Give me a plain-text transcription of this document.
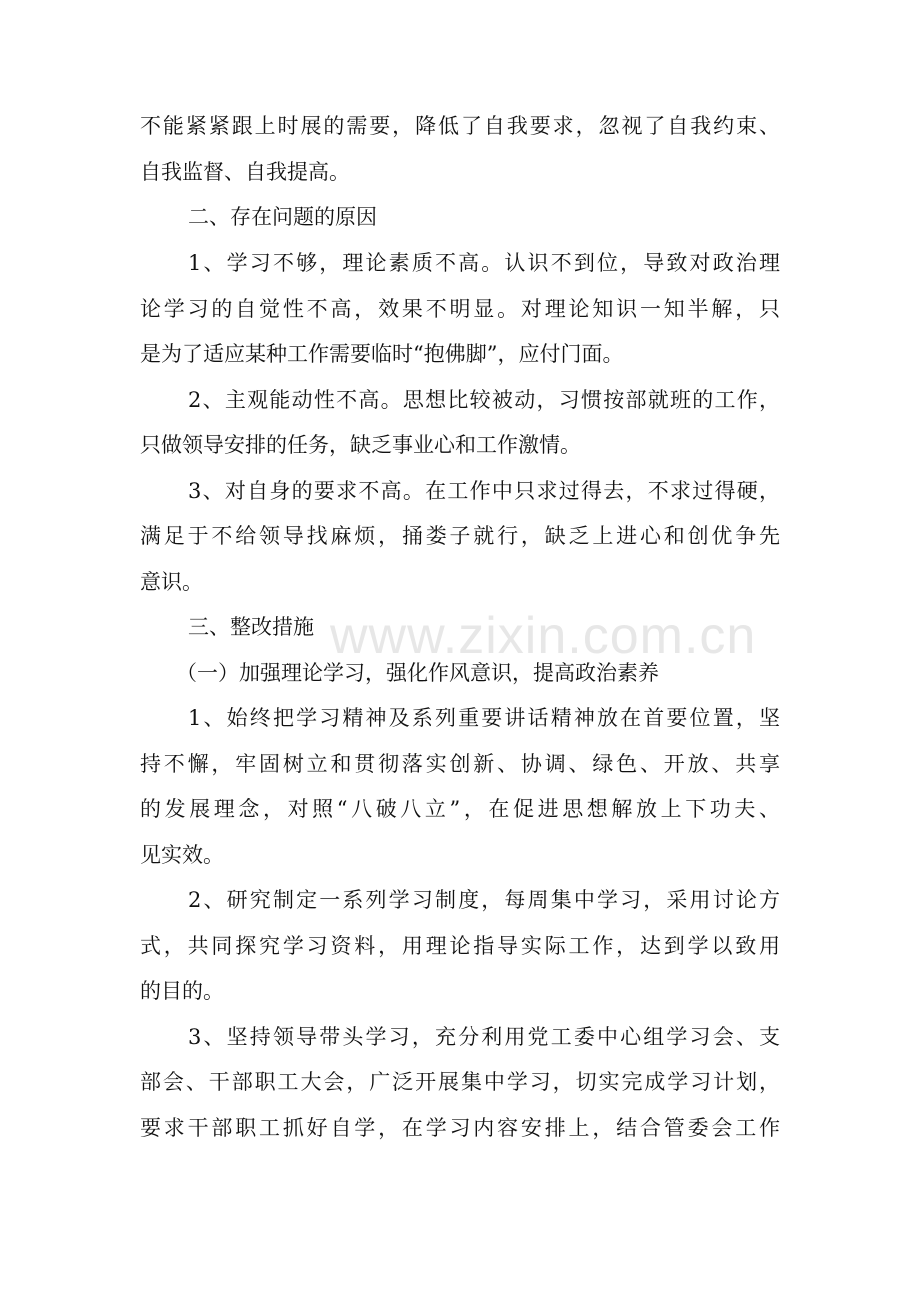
不能紧紧跟上时展的需要，降低了自我要求，忽视了自我约束、
自我监督、自我提高。
二、存在问题的原因
1、学习不够，理论素质不高。认识不到位，导致对政治理
论学习的自觉性不高，效果不明显。对理论知识一知半解，只
是为了适应某种工作需要临时“抱佛脚”，应付门面。
2、主观能动性不高。思想比较被动，习惯按部就班的工作，
只做领导安排的任务，缺乏事业心和工作激情。
3、对自身的要求不高。在工作中只求过得去，不求过得硬，
满足于不给领导找麻烦，捅娄子就行，缺乏上进心和创优争先
意识。
三、整改措施
（一）加强理论学习，强化作风意识，提高政治素养
1、始终把学习精神及系列重要讲话精神放在首要位置，坚
持不懈，牢固树立和贯彻落实创新、协调、绿色、开放、共享
的发展理念，对照“八破八立”，在促进思想解放上下功夫、
见实效。
2、研究制定一系列学习制度，每周集中学习，采用讨论方
式，共同探究学习资料，用理论指导实际工作，达到学以致用
的目的。
3、坚持领导带头学习，充分利用党工委中心组学习会、支
部会、干部职工大会，广泛开展集中学习，切实完成学习计划，
要求干部职工抓好自学，在学习内容安排上，结合管委会工作
www.zixin.com.cn
